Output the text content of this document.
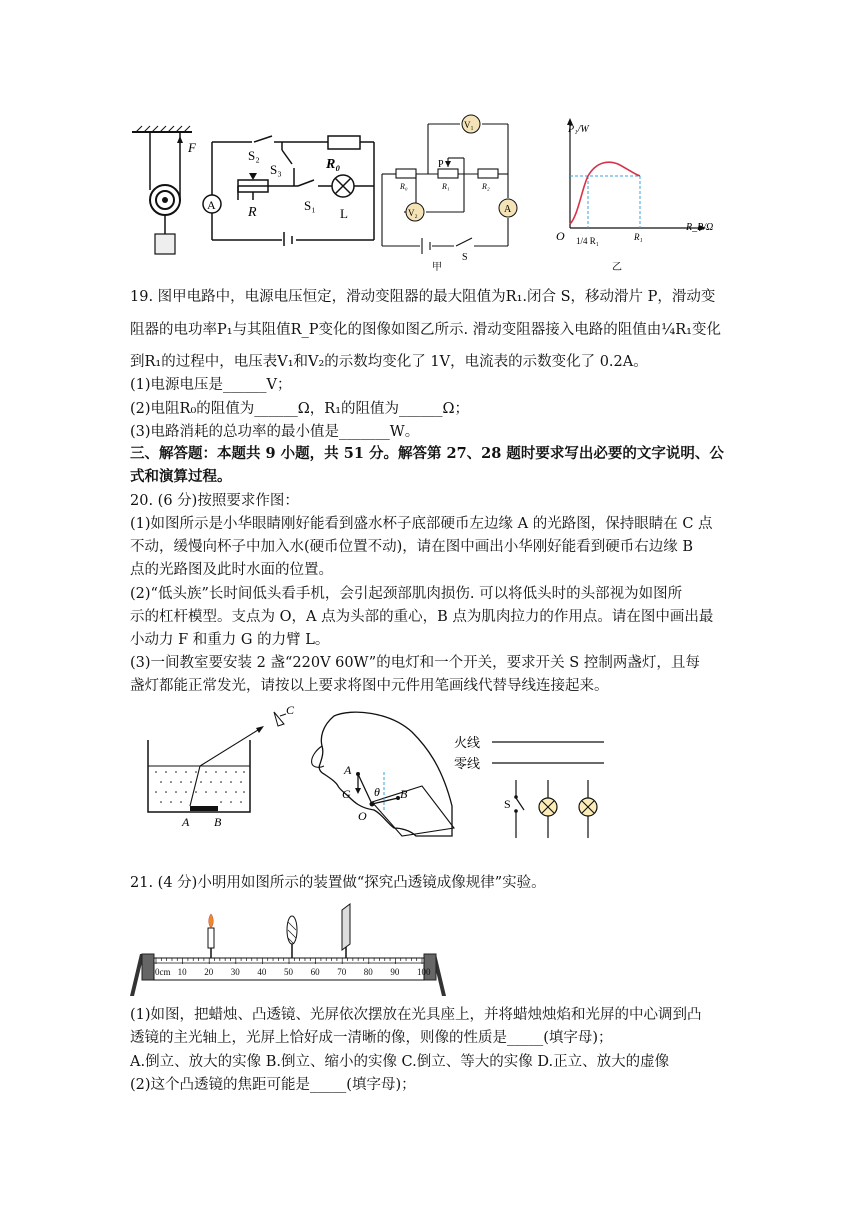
F
A
S₂
S₃	R₀
R	S₁
L
V₁
V₂	A
P
R₀	R₁	R₂
S
甲
P₁/W
R_P/Ω
O 1/4 R₁	R₁
乙
19. 图甲电路中，电源电压恒定，滑动变阻器的最大阻值为R₁.闭合 S，移动滑片 P，滑动变
阻器的电功率P₁与其阻值R_P变化的图像如图乙所示. 滑动变阻器接入电路的阻值由¼R₁变化
到R₁的过程中，电压表V₁和V₂的示数均变化了 1V，电流表的示数变化了 0.2A。
(1)电源电压是______V；
(2)电阻R₀的阻值为______Ω，R₁的阻值为______Ω；
(3)电路消耗的总功率的最小值是_______W。
三、解答题：本题共 9 小题，共 51 分。解答第 27、28 题时要求写出必要的文字说明、公
式和演算过程。
20. (6 分)按照要求作图：
(1)如图所示是小华眼睛刚好能看到盛水杯子底部硬币左边缘 A 的光路图，保持眼睛在 C 点
不动，缓慢向杯子中加入水(硬币位置不动)，请在图中画出小华刚好能看到硬币右边缘 B
点的光路图及此时水面的位置。
(2)“低头族”长时间低头看手机，会引起颈部肌肉损伤. 可以将低头时的头部视为如图所
示的杠杆模型。支点为 O，A 点为头部的重心，B 点为肌肉拉力的作用点。请在图中画出最
小动力 F 和重力 G 的力臂 L。
(3)一间教室要安装 2 盏“220V 60W”的电灯和一个开关，要求开关 S 控制两盏灯，且每
盏灯都能正常发光，请按以上要求将图中元件用笔画线代替导线连接起来。
C
A B
A
G θ
O
B
火线
零线
S
21. (4 分)小明用如图所示的装置做“探究凸透镜成像规律”实验。
0cm 10 20 30 40 50 60 70 80 90 100
(1)如图，把蜡烛、凸透镜、光屏依次摆放在光具座上，并将蜡烛烛焰和光屏的中心调到凸
透镜的主光轴上，光屏上恰好成一清晰的像，则像的性质是_____(填字母)；
A.倒立、放大的实像 B.倒立、缩小的实像 C.倒立、等大的实像 D.正立、放大的虚像
(2)这个凸透镜的焦距可能是_____(填字母)；
